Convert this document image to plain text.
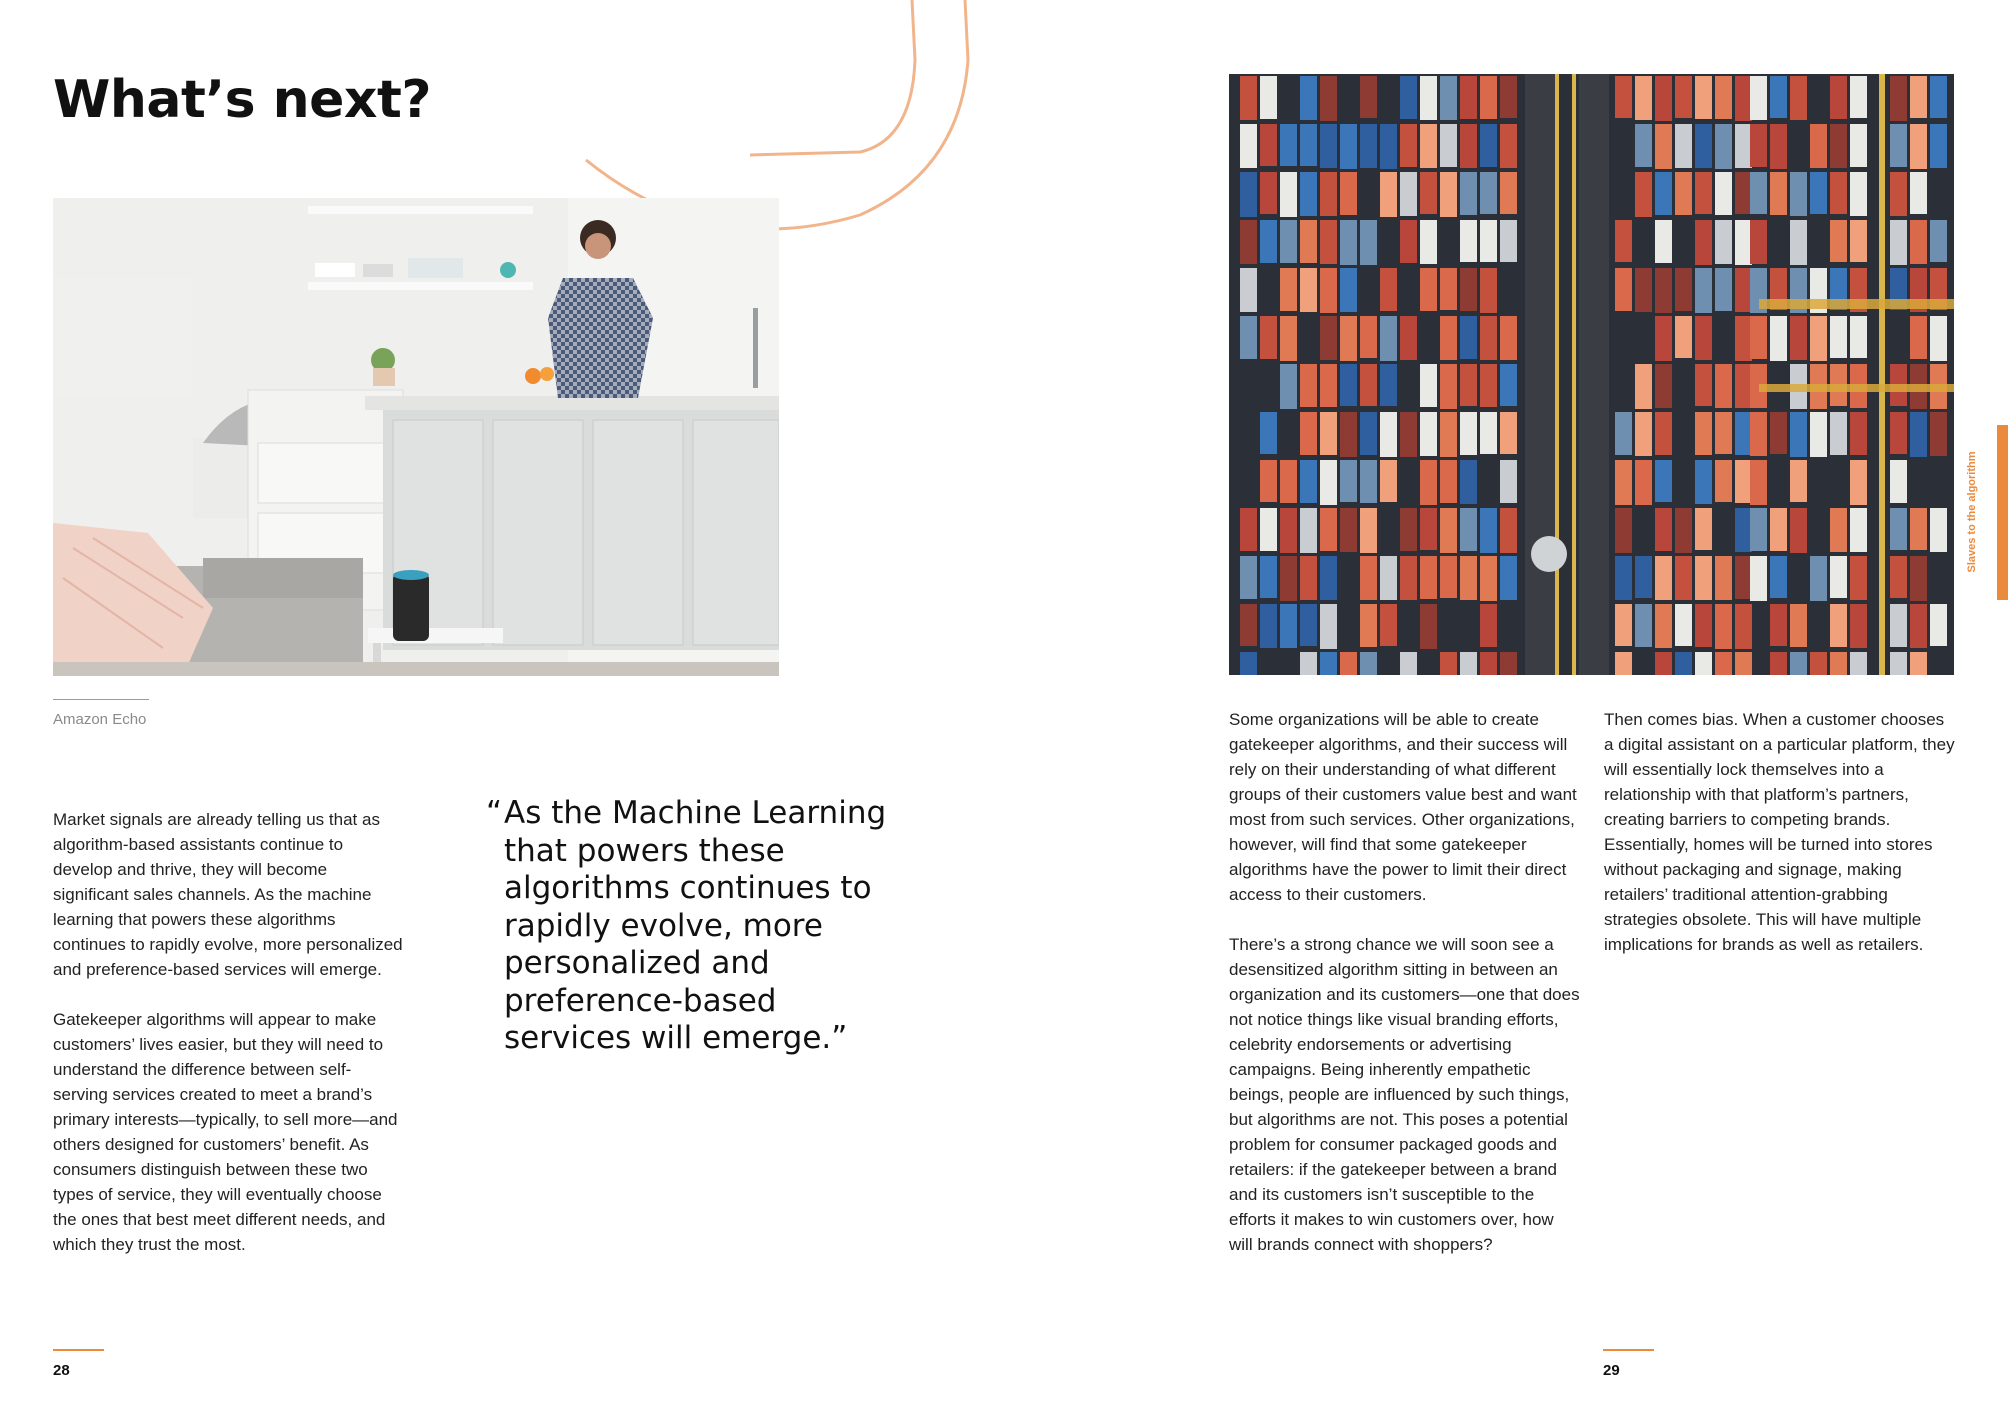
What’s next?
Amazon Echo

Market signals are already telling us that as algorithm-based assistants continue to develop and thrive, they will become significant sales channels. As the machine learning that powers these algorithms continues to rapidly evolve, more personalized and preference-based services will emerge.

Gatekeeper algorithms will appear to make customers’ lives easier, but they will need to understand the difference between self-serving services created to meet a brand’s primary interests—typically, to sell more—and others designed for customers’ benefit. As consumers distinguish between these two types of service, they will eventually choose the ones that best meet different needs, and which they trust the most.

“ As the Machine Learning that powers these algorithms continues to rapidly evolve, more personalized and preference-based services will emerge.”

Some organizations will be able to create gatekeeper algorithms, and their success will rely on their understanding of what different groups of their customers value best and want most from such services. Other organizations, however, will find that some gatekeeper algorithms have the power to limit their direct access to their customers.

There’s a strong chance we will soon see a desensitized algorithm sitting in between an organization and its customers—one that does not notice things like visual branding efforts, celebrity endorsements or advertising campaigns. Being inherently empathetic beings, people are influenced by such things, but algorithms are not. This poses a potential problem for consumer packaged goods and retailers: if the gatekeeper between a brand and its customers isn’t susceptible to the efforts it makes to win customers over, how will brands connect with shoppers?

Then comes bias. When a customer chooses a digital assistant on a particular platform, they will essentially lock themselves into a relationship with that platform’s partners, creating barriers to competing brands. Essentially, homes will be turned into stores without packaging and signage, making retailers’ traditional attention-grabbing strategies obsolete. This will have multiple implications for brands as well as retailers.

Slaves to the algorithm
28	29
